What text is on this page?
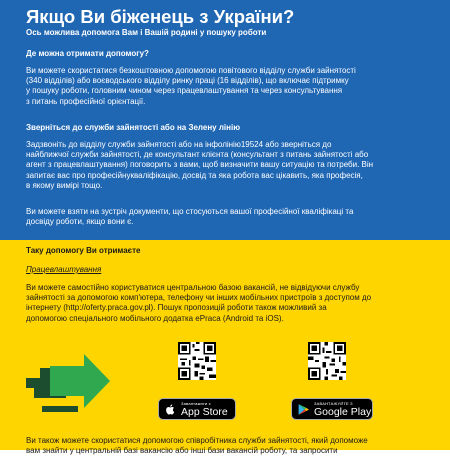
Якщо Ви біженець з України?
Ось можлива допомога Вам і Вашій родині у пошуку роботи
Де можна отримати допомогу?
Ви можете скористатися безкоштовною допомогою повітового відділу служби зайнятості
(340 відділів) або воєводського відділу ринку праці (16 відділів), що включає підтримку
у пошуку роботи, головним чином через працевлаштування та через консультування
з питань професійної орієнтації.
Зверніться до служби зайнятості або на Зелену лінію
Задзвоніть до відділу служби зайнятості або на інфолінію19524 або зверніться до
найближчої служби зайнятості, де консультант клієнта (консультант з питань зайнятості або
агент з працевлаштування) поговорить з вами, щоб визначити вашу ситуацію та потреби. Він
запитає вас про професійнукваліфікацію, досвід та яка робота вас цікавить, яка професія,
в якому вимірі тощо.
Ви можете взяти на зустріч документи, що стосуються вашої професійної кваліфікаці та
досвіду роботи, якщо вони є.
Таку допомогу Ви отримаєте
Працевлаштування
Ви можете самостійно користуватися центральною базою вакансій, не відвідуючи службу
зайнятості за допомогою комп'ютера, телефону чи інших мобільних пристроїв з доступом до
інтернету (http://oferty.praca.gov.pl). Пошук пропозицій роботи також можливий за
допомогою спеціального мобільного додатка ePraca (Android та iOS).
Ви також можете скористатися допомогою співробітника служби зайнятості, який допоможе
вам знайти у центральній базі вакансію або інші бази вакансій роботу, та запросити
Завантажити з
App Store
ЗАВАНТАЖУЙТЕ З
Google Play
